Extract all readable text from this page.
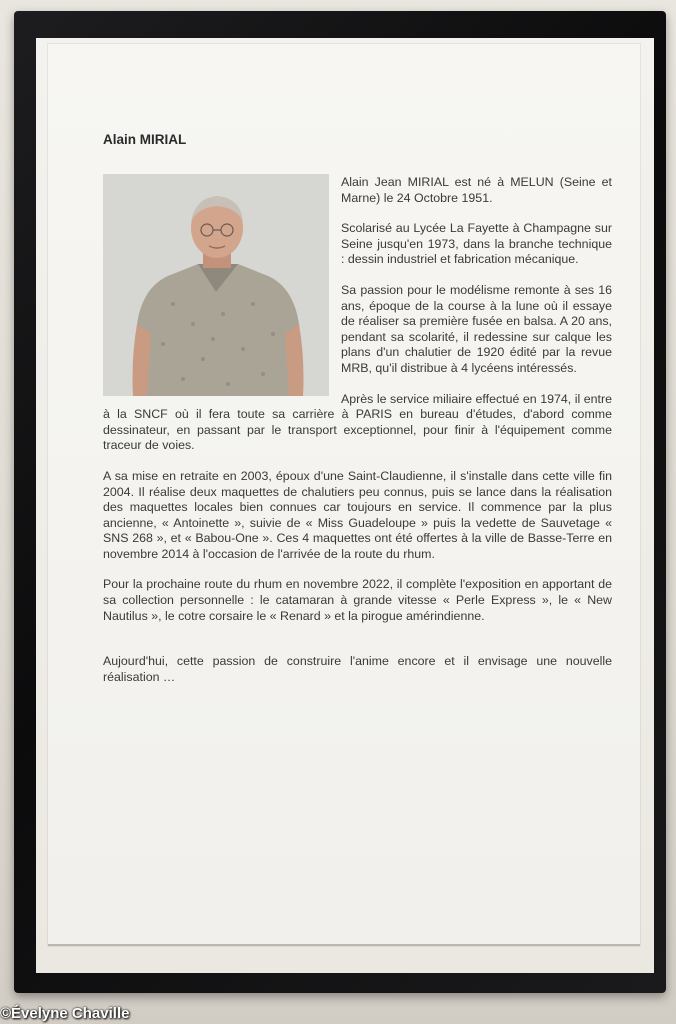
Alain MIRIAL

Alain Jean MIRIAL est né à MELUN (Seine et Marne) le 24 Octobre 1951.

Scolarisé au Lycée La Fayette à Champagne sur Seine jusqu'en 1973, dans la branche technique : dessin industriel et fabrication mécanique.

Sa passion pour le modélisme remonte à ses 16 ans, époque de la course à la lune où il essaye de réaliser sa première fusée en balsa. A 20 ans, pendant sa scolarité, il redessine sur calque les plans d'un chalutier de 1920 édité par la revue MRB, qu'il distribue à 4 lycéens intéressés.

Après le service miliaire effectué en 1974, il entre à la SNCF où il fera toute sa carrière à PARIS en bureau d'études, d'abord comme dessinateur, en passant par le transport exceptionnel, pour finir à l'équipement comme traceur de voies.

A sa mise en retraite en 2003, époux d'une Saint-Claudienne, il s'installe dans cette ville fin 2004. Il réalise deux maquettes de chalutiers peu connus, puis se lance dans la réalisation des maquettes locales bien connues car toujours en service. Il commence par la plus ancienne, « Antoinette », suivie de « Miss Guadeloupe » puis la vedette de Sauvetage « SNS 268 », et « Babou-One ». Ces 4 maquettes ont été offertes à la ville de Basse-Terre en novembre 2014 à l'occasion de l'arrivée de la route du rhum.

Pour la prochaine route du rhum en novembre 2022, il complète l'exposition en apportant de sa collection personnelle : le catamaran à grande vitesse « Perle Express », le « New Nautilus », le cotre corsaire le « Renard » et la pirogue amérindienne.

Aujourd'hui, cette passion de construire l'anime encore et il envisage une nouvelle réalisation …

©Évelyne Chaville
